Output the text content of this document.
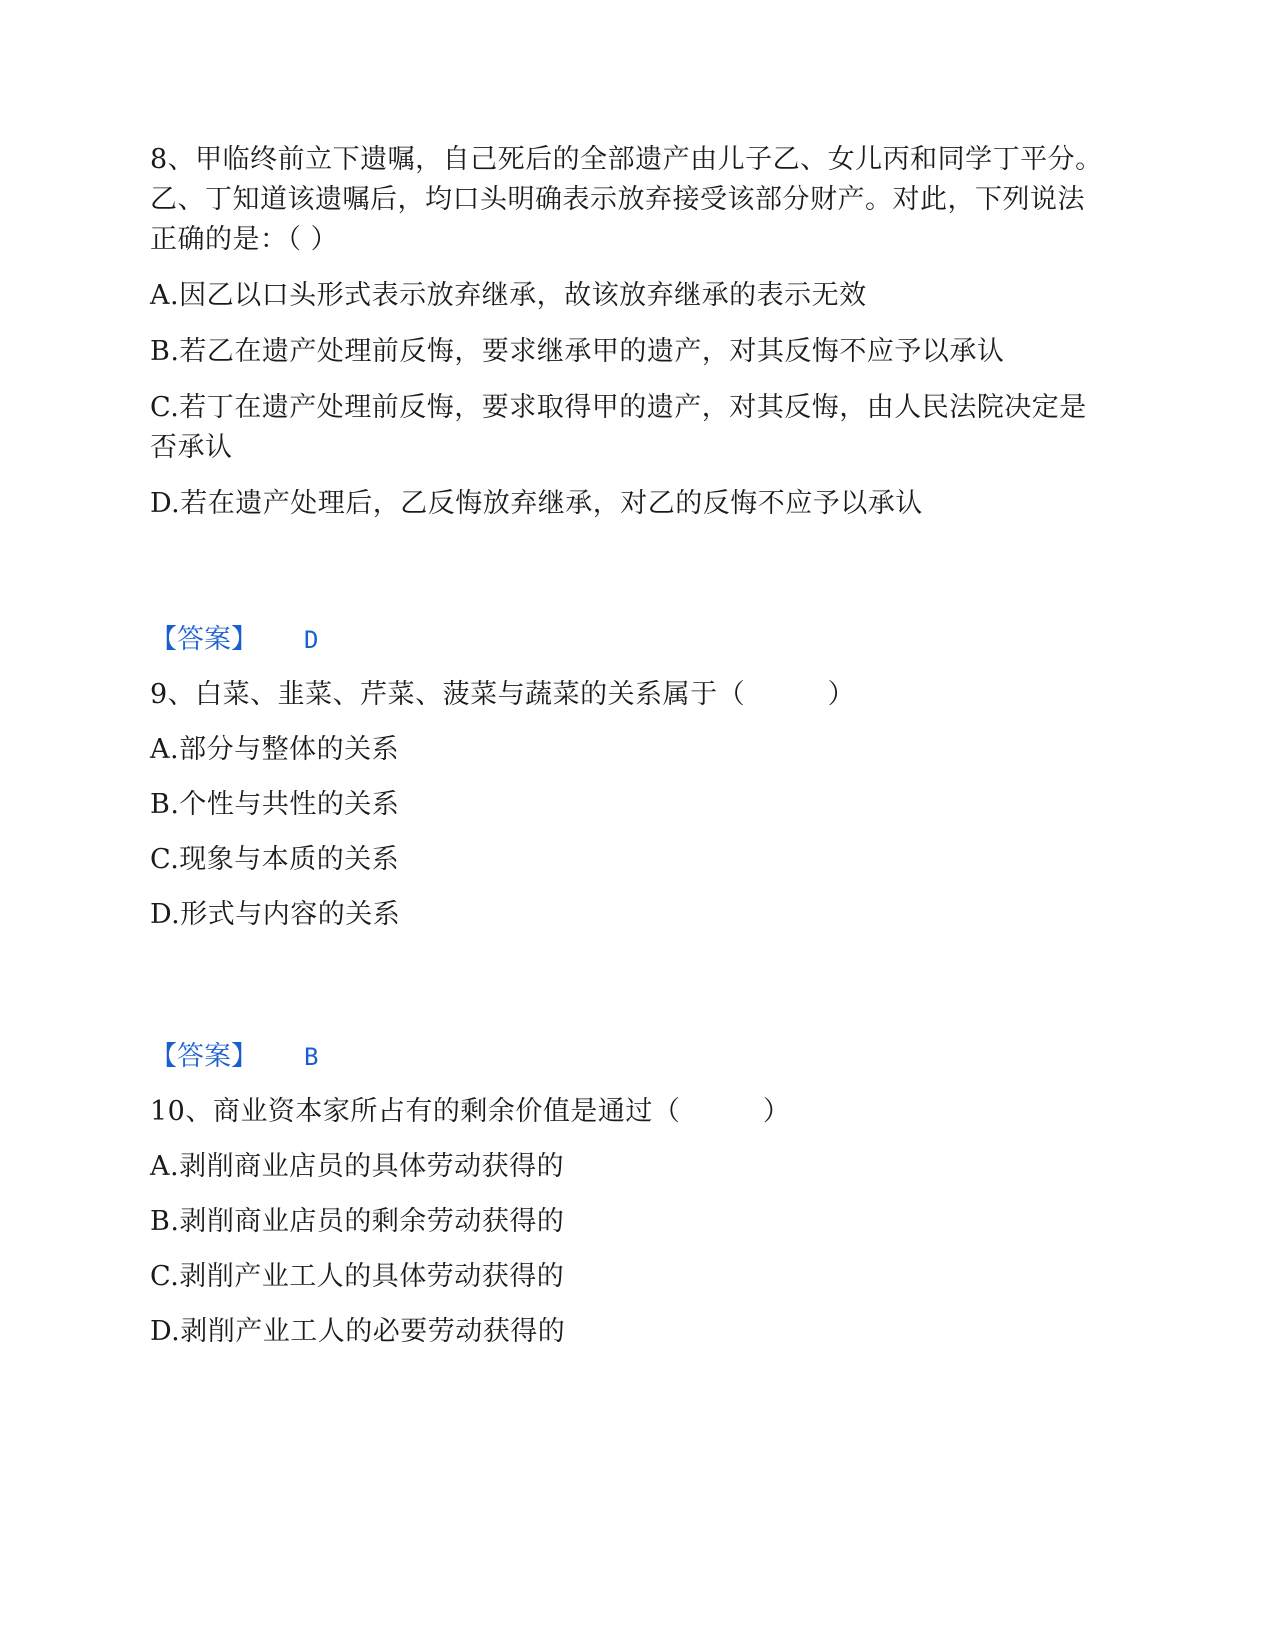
8、甲临终前立下遗嘱，自己死后的全部遗产由儿子乙、女儿丙和同学丁平分。乙、丁知道该遗嘱后，均口头明确表示放弃接受该部分财产。对此，下列说法正确的是：（ ）

A.因乙以口头形式表示放弃继承，故该放弃继承的表示无效

B.若乙在遗产处理前反悔，要求继承甲的遗产，对其反悔不应予以承认

C.若丁在遗产处理前反悔，要求取得甲的遗产，对其反悔，由人民法院决定是否承认

D.若在遗产处理后，乙反悔放弃继承，对乙的反悔不应予以承认

【答案】 D

9、白菜、韭菜、芹菜、菠菜与蔬菜的关系属于（　　　）

A.部分与整体的关系

B.个性与共性的关系

C.现象与本质的关系

D.形式与内容的关系

【答案】 B

10、商业资本家所占有的剩余价值是通过（　　　）

A.剥削商业店员的具体劳动获得的

B.剥削商业店员的剩余劳动获得的

C.剥削产业工人的具体劳动获得的

D.剥削产业工人的必要劳动获得的
